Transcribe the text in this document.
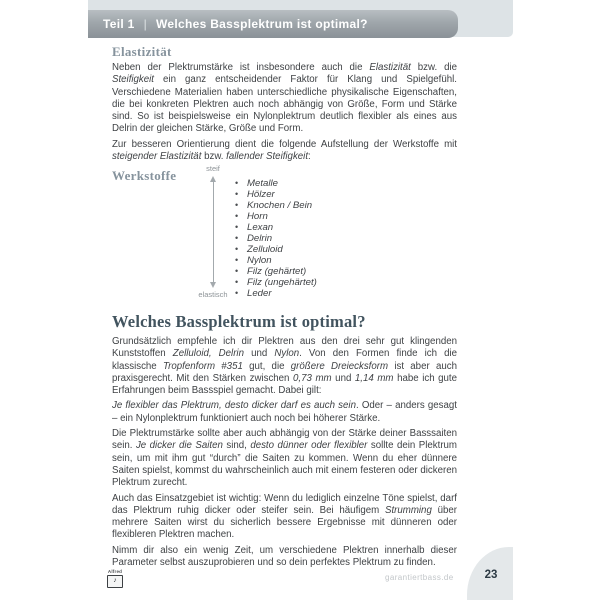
Teil 1 | Welches Bassplektrum ist optimal?
Elastizität

Neben der Plektrumstärke ist insbesondere auch die Elastizität bzw. die Steifigkeit ein ganz entscheidender Faktor für Klang und Spielgefühl. Verschiedene Materialien haben unterschiedliche physikalische Eigenschaften, die bei konkreten Plektren auch noch abhängig von Größe, Form und Stärke sind. So ist beispielsweise ein Nylonplektrum deutlich flexibler als eines aus Delrin der gleichen Stärke, Größe und Form.

Zur besseren Orientierung dient die folgende Aufstellung der Werkstoffe mit steigender Elastizität bzw. fallender Steifigkeit:

Werkstoffe	steif
elastisch
• Metalle
• Hölzer
• Knochen / Bein
• Horn
• Lexan
• Delrin
• Zelluloid
• Nylon
• Filz (gehärtet)
• Filz (ungehärtet)
• Leder
Welches Bassplektrum ist optimal?

Grundsätzlich empfehle ich dir Plektren aus den drei sehr gut klingenden Kunststoffen Zelluloid, Delrin und Nylon. Von den Formen finde ich die klassische Tropfenform #351 gut, die größere Dreiecksform ist aber auch praxisgerecht. Mit den Stärken zwischen 0,73 mm und 1,14 mm habe ich gute Erfahrungen beim Bassspiel gemacht. Dabei gilt:

Je flexibler das Plektrum, desto dicker darf es auch sein. Oder – anders gesagt – ein Nylonplektrum funktioniert auch noch bei höherer Stärke.

Die Plektrumstärke sollte aber auch abhängig von der Stärke deiner Basssaiten sein. Je dicker die Saiten sind, desto dünner oder flexibler sollte dein Plektrum sein, um mit ihm gut “durch” die Saiten zu kommen. Wenn du eher dünnere Saiten spielst, kommst du wahrscheinlich auch mit einem festeren oder dickeren Plektrum zurecht.

Auch das Einsatzgebiet ist wichtig: Wenn du lediglich einzelne Töne spielst, darf das Plektrum ruhig dicker oder steifer sein. Bei häufigem Strumming über mehrere Saiten wirst du sicherlich bessere Ergebnisse mit dünneren oder flexibleren Plektren machen.

Nimm dir also ein wenig Zeit, um verschiedene Plektren innerhalb dieser Parameter selbst auszuprobieren und so dein perfektes Plektrum zu finden.

23
garantiertbass.de
Alfred
♪
